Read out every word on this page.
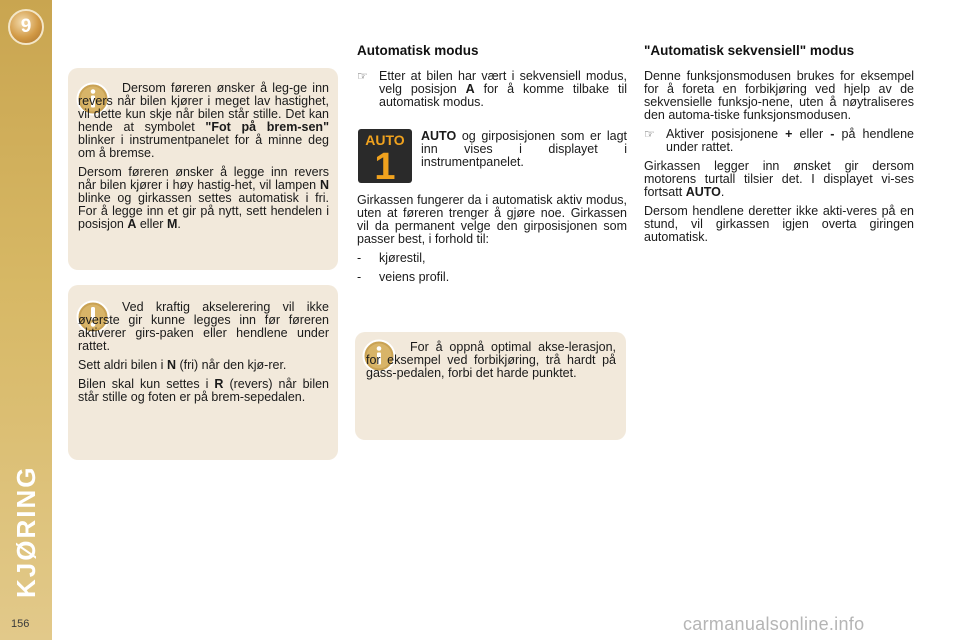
9
KJØRING
156

Dersom føreren ønsker å leg-ge inn revers når bilen kjører i meget lav hastighet, vil dette kun skje når bilen står stille. Det kan hende at symbolet "Fot på brem-sen" blinker i instrumentpanelet for å minne deg om å bremse.

Dersom føreren ønsker å legge inn revers når bilen kjører i høy hastig-het, vil lampen N blinke og girkassen settes automatisk i fri. For å legge inn et gir på nytt, sett hendelen i posisjon A eller M.

Ved kraftig akselerering vil ikke øverste gir kunne legges inn før føreren aktiverer girs-paken eller hendlene under rattet.

Sett aldri bilen i N (fri) når den kjø-rer.

Bilen skal kun settes i R (revers) når bilen står stille og foten er på brem-sepedalen.

For å oppnå optimal akse-lerasjon, for eksempel ved forbikjøring, trå hardt på gass-pedalen, forbi det harde punktet.

Automatisk modus
☞ Etter at bilen har vært i sekvensiell modus, velg posisjon A for å komme tilbake til automatisk modus.
AUTO
1

AUTO og girposisjonen som er lagt inn vises i displayet i instrumentpanelet.

Girkassen fungerer da i automatisk aktiv modus, uten at føreren trenger å gjøre noe. Girkassen vil da permanent velge den girposisjonen som passer best, i forhold til:

-	kjørestil,
-	veiens profil.
"Automatisk sekvensiell" modus

Denne funksjonsmodusen brukes for eksempel for å foreta en forbikjøring ved hjelp av de sekvensielle funksjo-nene, uten å nøytraliseres den automa-tiske funksjonsmodusen.

☞ Aktiver posisjonene + eller - på hendlene under rattet.

Girkassen legger inn ønsket gir dersom motorens turtall tilsier det. I displayet vi-ses fortsatt AUTO.

Dersom hendlene deretter ikke akti-veres på en stund, vil girkassen igjen overta giringen automatisk.

carmanualsonline.info
